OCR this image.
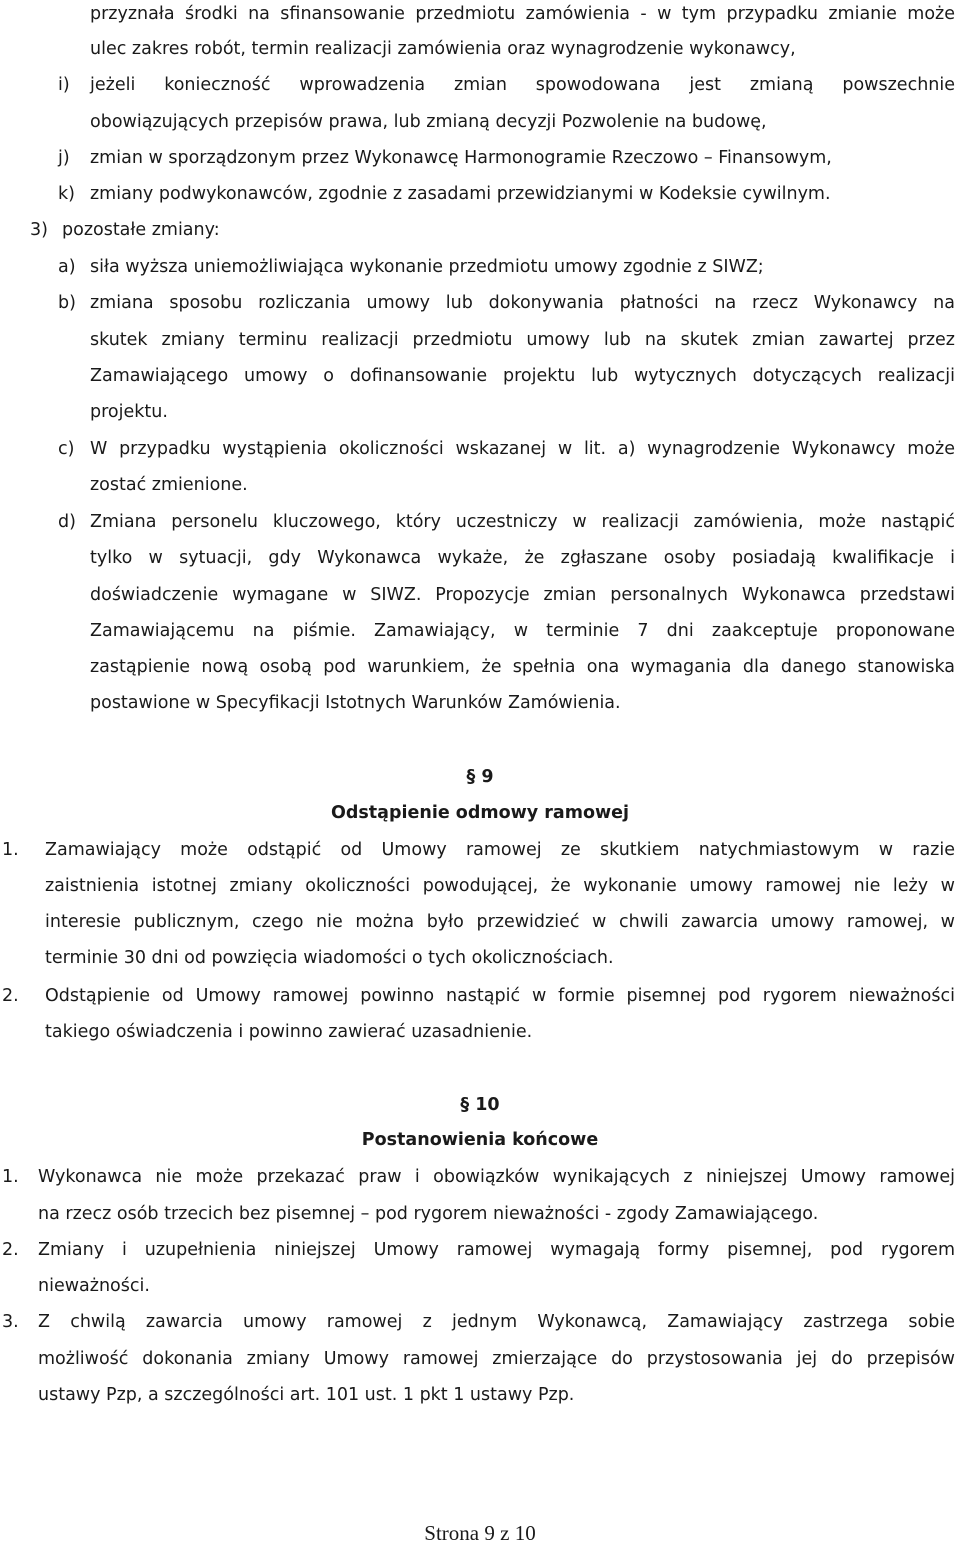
przyznała środki na sfinansowanie przedmiotu zamówienia - w tym przypadku zmianie może
ulec zakres robót, termin realizacji zamówienia oraz wynagrodzenie wykonawcy,
i) jeżeli konieczność wprowadzenia zmian spowodowana jest zmianą powszechnie
obowiązujących przepisów prawa, lub zmianą decyzji Pozwolenie na budowę,
j) zmian w sporządzonym przez Wykonawcę Harmonogramie Rzeczowo – Finansowym,
k) zmiany podwykonawców, zgodnie z zasadami przewidzianymi w Kodeksie cywilnym.
3) pozostałe zmiany:
a) siła wyższa uniemożliwiająca wykonanie przedmiotu umowy zgodnie z SIWZ;
b) zmiana sposobu rozliczania umowy lub dokonywania płatności na rzecz Wykonawcy na
skutek zmiany terminu realizacji przedmiotu umowy lub na skutek zmian zawartej przez
Zamawiającego umowy o dofinansowanie projektu lub wytycznych dotyczących realizacji
projektu.
c) W przypadku wystąpienia okoliczności wskazanej w lit. a) wynagrodzenie Wykonawcy może
zostać zmienione.
d) Zmiana personelu kluczowego, który uczestniczy w realizacji zamówienia, może nastąpić
tylko w sytuacji, gdy Wykonawca wykaże, że zgłaszane osoby posiadają kwalifikacje i
doświadczenie wymagane w SIWZ. Propozycje zmian personalnych Wykonawca przedstawi
Zamawiającemu na piśmie. Zamawiający, w terminie 7 dni zaakceptuje proponowane
zastąpienie nową osobą pod warunkiem, że spełnia ona wymagania dla danego stanowiska
postawione w Specyfikacji Istotnych Warunków Zamówienia.
§ 9
Odstąpienie odmowy ramowej
1. Zamawiający może odstąpić od Umowy ramowej ze skutkiem natychmiastowym w razie
zaistnienia istotnej zmiany okoliczności powodującej, że wykonanie umowy ramowej nie leży w
interesie publicznym, czego nie można było przewidzieć w chwili zawarcia umowy ramowej, w
terminie 30 dni od powzięcia wiadomości o tych okolicznościach.
2. Odstąpienie od Umowy ramowej powinno nastąpić w formie pisemnej pod rygorem nieważności
takiego oświadczenia i powinno zawierać uzasadnienie.
§ 10
Postanowienia końcowe
1. Wykonawca nie może przekazać praw i obowiązków wynikających z niniejszej Umowy ramowej
na rzecz osób trzecich bez pisemnej – pod rygorem nieważności - zgody Zamawiającego.
2. Zmiany i uzupełnienia niniejszej Umowy ramowej wymagają formy pisemnej, pod rygorem
nieważności.
3. Z chwilą zawarcia umowy ramowej z jednym Wykonawcą, Zamawiający zastrzega sobie
możliwość dokonania zmiany Umowy ramowej zmierzające do przystosowania jej do przepisów
ustawy Pzp, a szczególności art. 101 ust. 1 pkt 1 ustawy Pzp.
Strona 9 z 10
